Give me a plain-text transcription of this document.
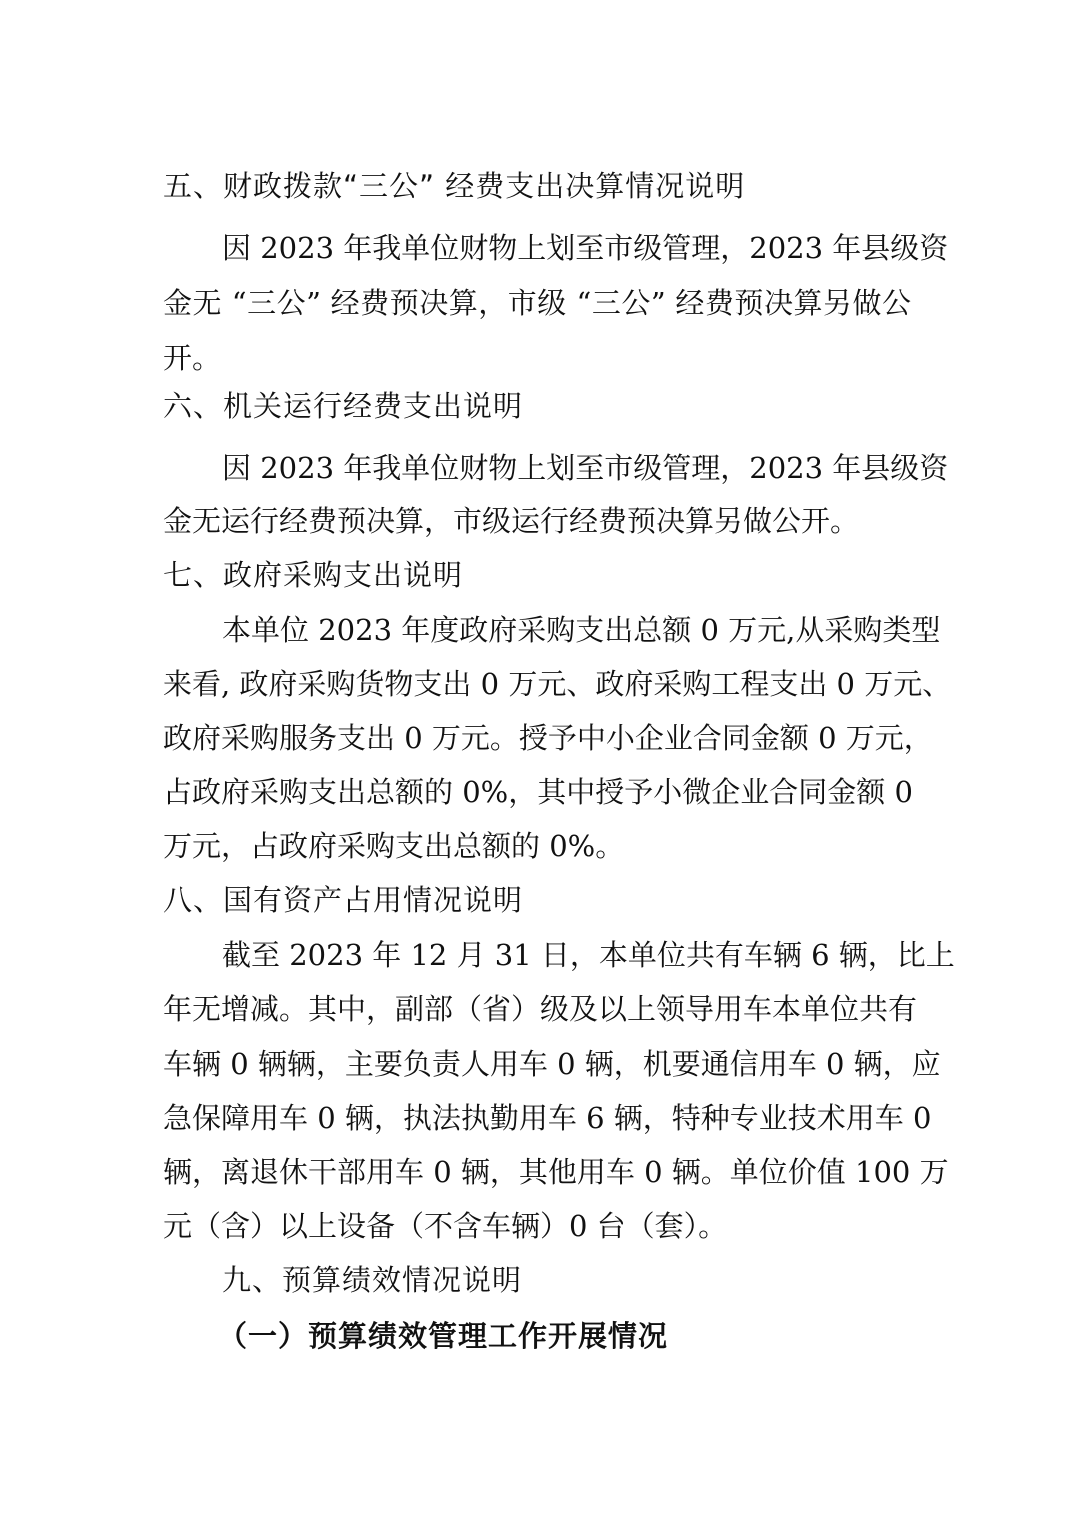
五、财政拨款“三公” 经费支出决算情况说明
因 2023 年我单位财物上划至市级管理，2023 年县级资
金无 “三公” 经费预决算，市级 “三公” 经费预决算另做公
开。
六、机关运行经费支出说明
因 2023 年我单位财物上划至市级管理，2023 年县级资
金无运行经费预决算，市级运行经费预决算另做公开。
七、政府采购支出说明
本单位 2023 年度政府采购支出总额 0 万元,从采购类型
来看, 政府采购货物支出 0 万元、政府采购工程支出 0 万元、
政府采购服务支出 0 万元。授予中小企业合同金额 0 万元，
占政府采购支出总额的 0%，其中授予小微企业合同金额 0
万元，占政府采购支出总额的 0%。
八、国有资产占用情况说明
截至 2023 年 12 月 31 日，本单位共有车辆 6 辆，比上
年无增减。其中，副部（省）级及以上领导用车本单位共有
车辆 0 辆辆，主要负责人用车 0 辆，机要通信用车 0 辆，应
急保障用车 0 辆，执法执勤用车 6 辆，特种专业技术用车 0
辆，离退休干部用车 0 辆，其他用车 0 辆。单位价值 100 万
元（含）以上设备（不含车辆）0 台（套）。
九、预算绩效情况说明
（一）预算绩效管理工作开展情况
